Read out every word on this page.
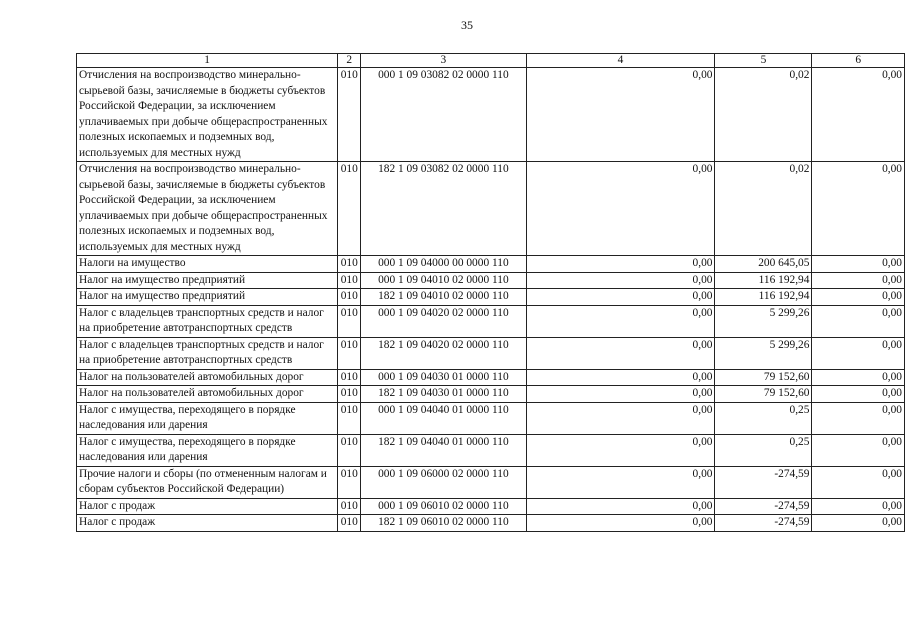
35
1	2	3	4	5	6
Отчисления на воспроизводство минерально-сырьевой базы, зачисляемые в бюджеты субъектов Российской Федерации, за исключением уплачиваемых при добыче общераспространенных полезных ископаемых и подземных вод, используемых для местных нужд	010	000 1 09 03082 02 0000 110	0,00	0,02	0,00
Отчисления на воспроизводство минерально-сырьевой базы, зачисляемые в бюджеты субъектов Российской Федерации, за исключением уплачиваемых при добыче общераспространенных полезных ископаемых и подземных вод, используемых для местных нужд	010	182 1 09 03082 02 0000 110	0,00	0,02	0,00
Налоги на имущество	010	000 1 09 04000 00 0000 110	0,00	200 645,05	0,00
Налог на имущество предприятий	010	000 1 09 04010 02 0000 110	0,00	116 192,94	0,00
Налог на имущество предприятий	010	182 1 09 04010 02 0000 110	0,00	116 192,94	0,00
Налог с владельцев транспортных средств и налог на приобретение автотранспортных средств	010	000 1 09 04020 02 0000 110	0,00	5 299,26	0,00
Налог с владельцев транспортных средств и налог на приобретение автотранспортных средств	010	182 1 09 04020 02 0000 110	0,00	5 299,26	0,00
Налог на пользователей автомобильных дорог	010	000 1 09 04030 01 0000 110	0,00	79 152,60	0,00
Налог на пользователей автомобильных дорог	010	182 1 09 04030 01 0000 110	0,00	79 152,60	0,00
Налог с имущества, переходящего в порядке наследования или дарения	010	000 1 09 04040 01 0000 110	0,00	0,25	0,00
Налог с имущества, переходящего в порядке наследования или дарения	010	182 1 09 04040 01 0000 110	0,00	0,25	0,00
Прочие налоги и сборы (по отмененным налогам и сборам субъектов Российской Федерации)	010	000 1 09 06000 02 0000 110	0,00	-274,59	0,00
Налог с продаж	010	000 1 09 06010 02 0000 110	0,00	-274,59	0,00
Налог с продаж	010	182 1 09 06010 02 0000 110	0,00	-274,59	0,00
